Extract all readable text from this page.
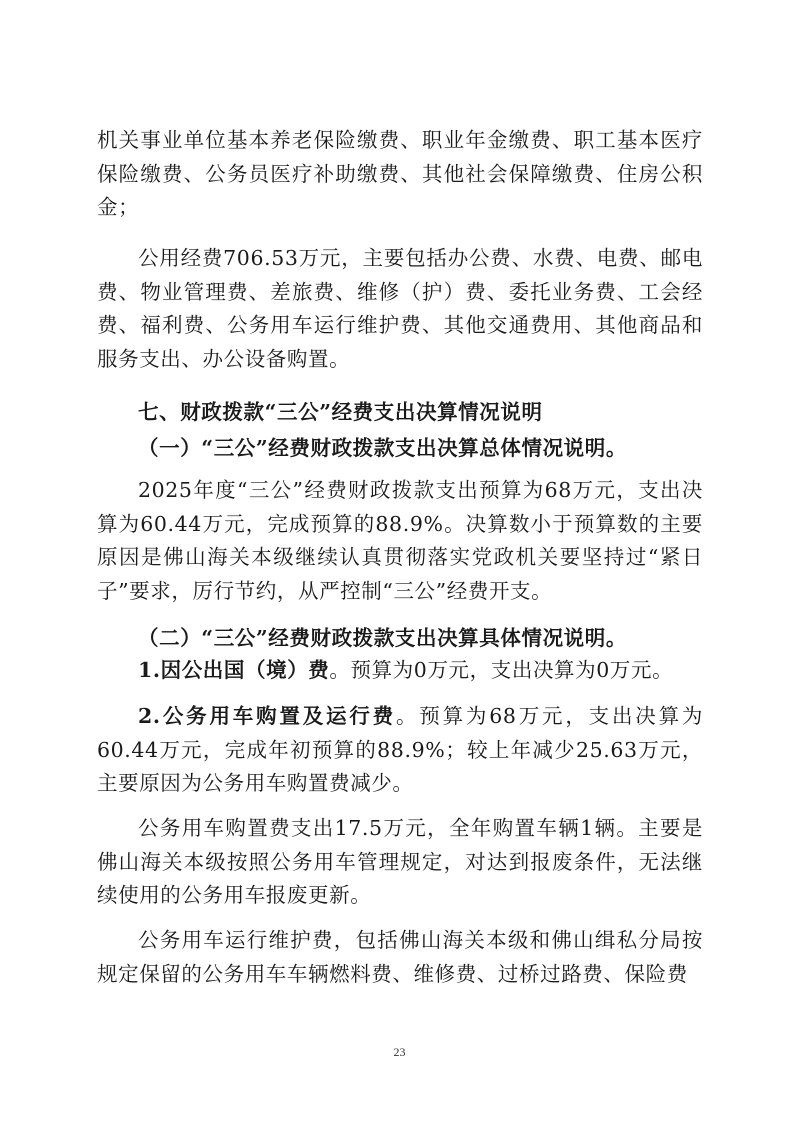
机关事业单位基本养老保险缴费、职业年金缴费、职工基本医疗保险缴费、公务员医疗补助缴费、其他社会保障缴费、住房公积金；

公用经费706.53万元，主要包括办公费、水费、电费、邮电费、物业管理费、差旅费、维修（护）费、委托业务费、工会经费、福利费、公务用车运行维护费、其他交通费用、其他商品和服务支出、办公设备购置。

七、财政拨款“三公”经费支出决算情况说明

（一）“三公”经费财政拨款支出决算总体情况说明。

2025年度“三公”经费财政拨款支出预算为68万元，支出决算为60.44万元，完成预算的88.9%。决算数小于预算数的主要原因是佛山海关本级继续认真贯彻落实党政机关要坚持过“紧日子”要求，厉行节约，从严控制“三公”经费开支。

（二）“三公”经费财政拨款支出决算具体情况说明。

1.因公出国（境）费。预算为0万元，支出决算为0万元。

2.公务用车购置及运行费。预算为68万元，支出决算为60.44万元，完成年初预算的88.9%；较上年减少25.63万元，主要原因为公务用车购置费减少。

公务用车购置费支出17.5万元，全年购置车辆1辆。主要是佛山海关本级按照公务用车管理规定，对达到报废条件，无法继续使用的公务用车报废更新。

公务用车运行维护费，包括佛山海关本级和佛山缉私分局按规定保留的公务用车车辆燃料费、维修费、过桥过路费、保险费

23
